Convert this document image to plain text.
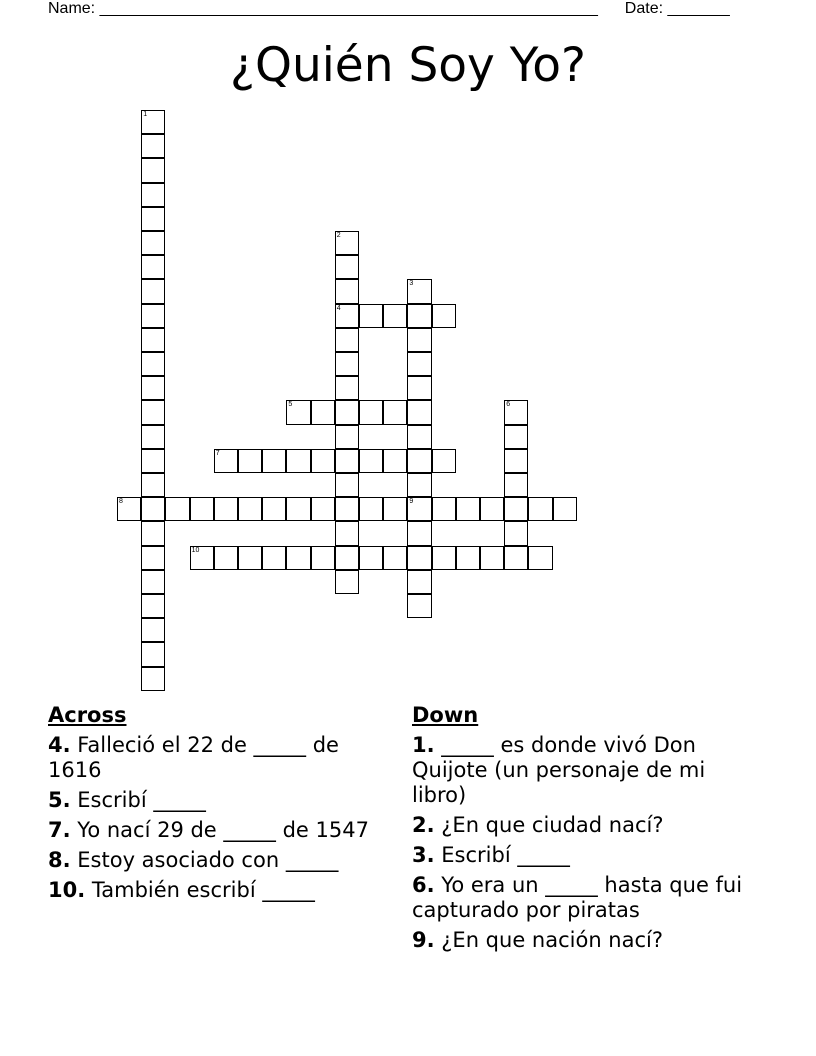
Name: ________________________________________________________ Date: _______
¿Quién Soy Yo?
1
2
4
3
9
5	6
7
8
10
Across
4. Falleció el 22 de _____ de 1616
5. Escribí _____
7. Yo nací 29 de _____ de 1547
8. Estoy asociado con _____
10. También escribí _____
Down
1. _____ es donde vivó Don Quijote (un personaje de mi libro)
2. ¿En que ciudad nací?
3. Escribí _____
6. Yo era un _____ hasta que fui capturado por piratas
9. ¿En que nación nací?
